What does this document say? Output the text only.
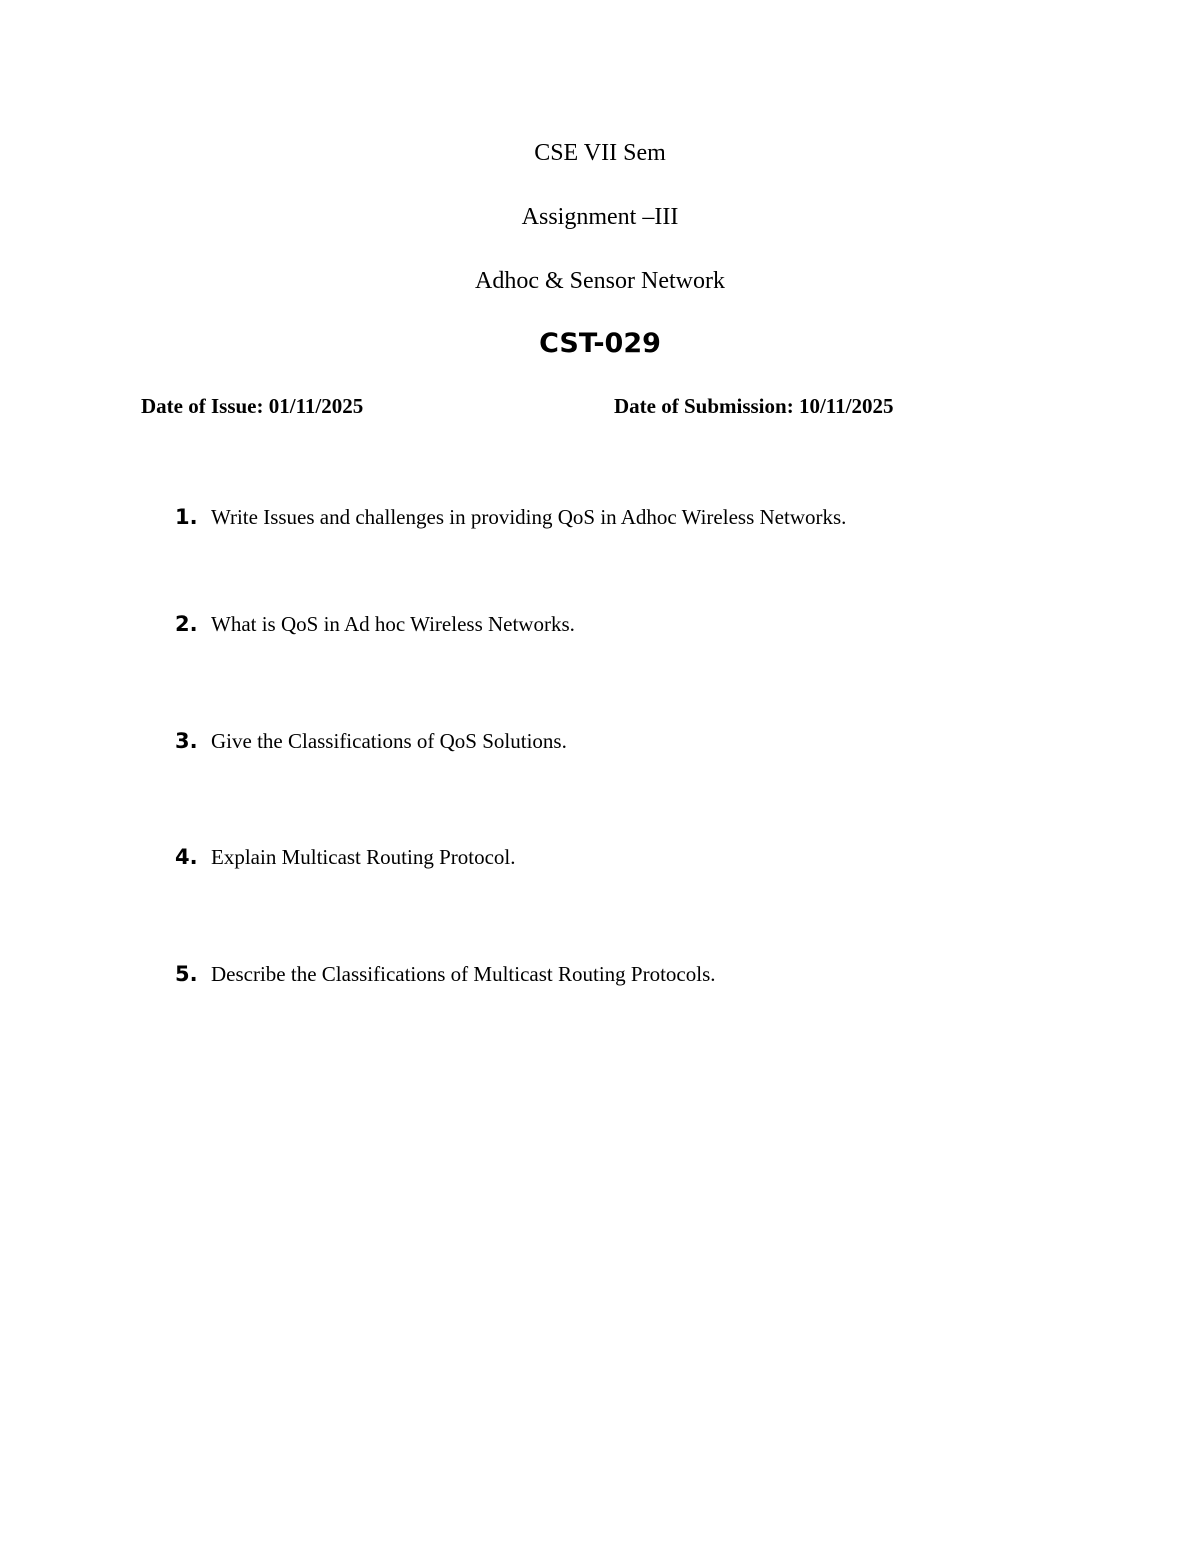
CSE VII Sem
Assignment –III
Adhoc & Sensor Network
CST-029
Date of Issue: 01/11/2025	Date of Submission: 10/11/2025
1. Write Issues and challenges in providing QoS in Adhoc Wireless Networks.
2. What is QoS in Ad hoc Wireless Networks.
3. Give the Classifications of QoS Solutions.
4. Explain Multicast Routing Protocol.
5. Describe the Classifications of Multicast Routing Protocols.
